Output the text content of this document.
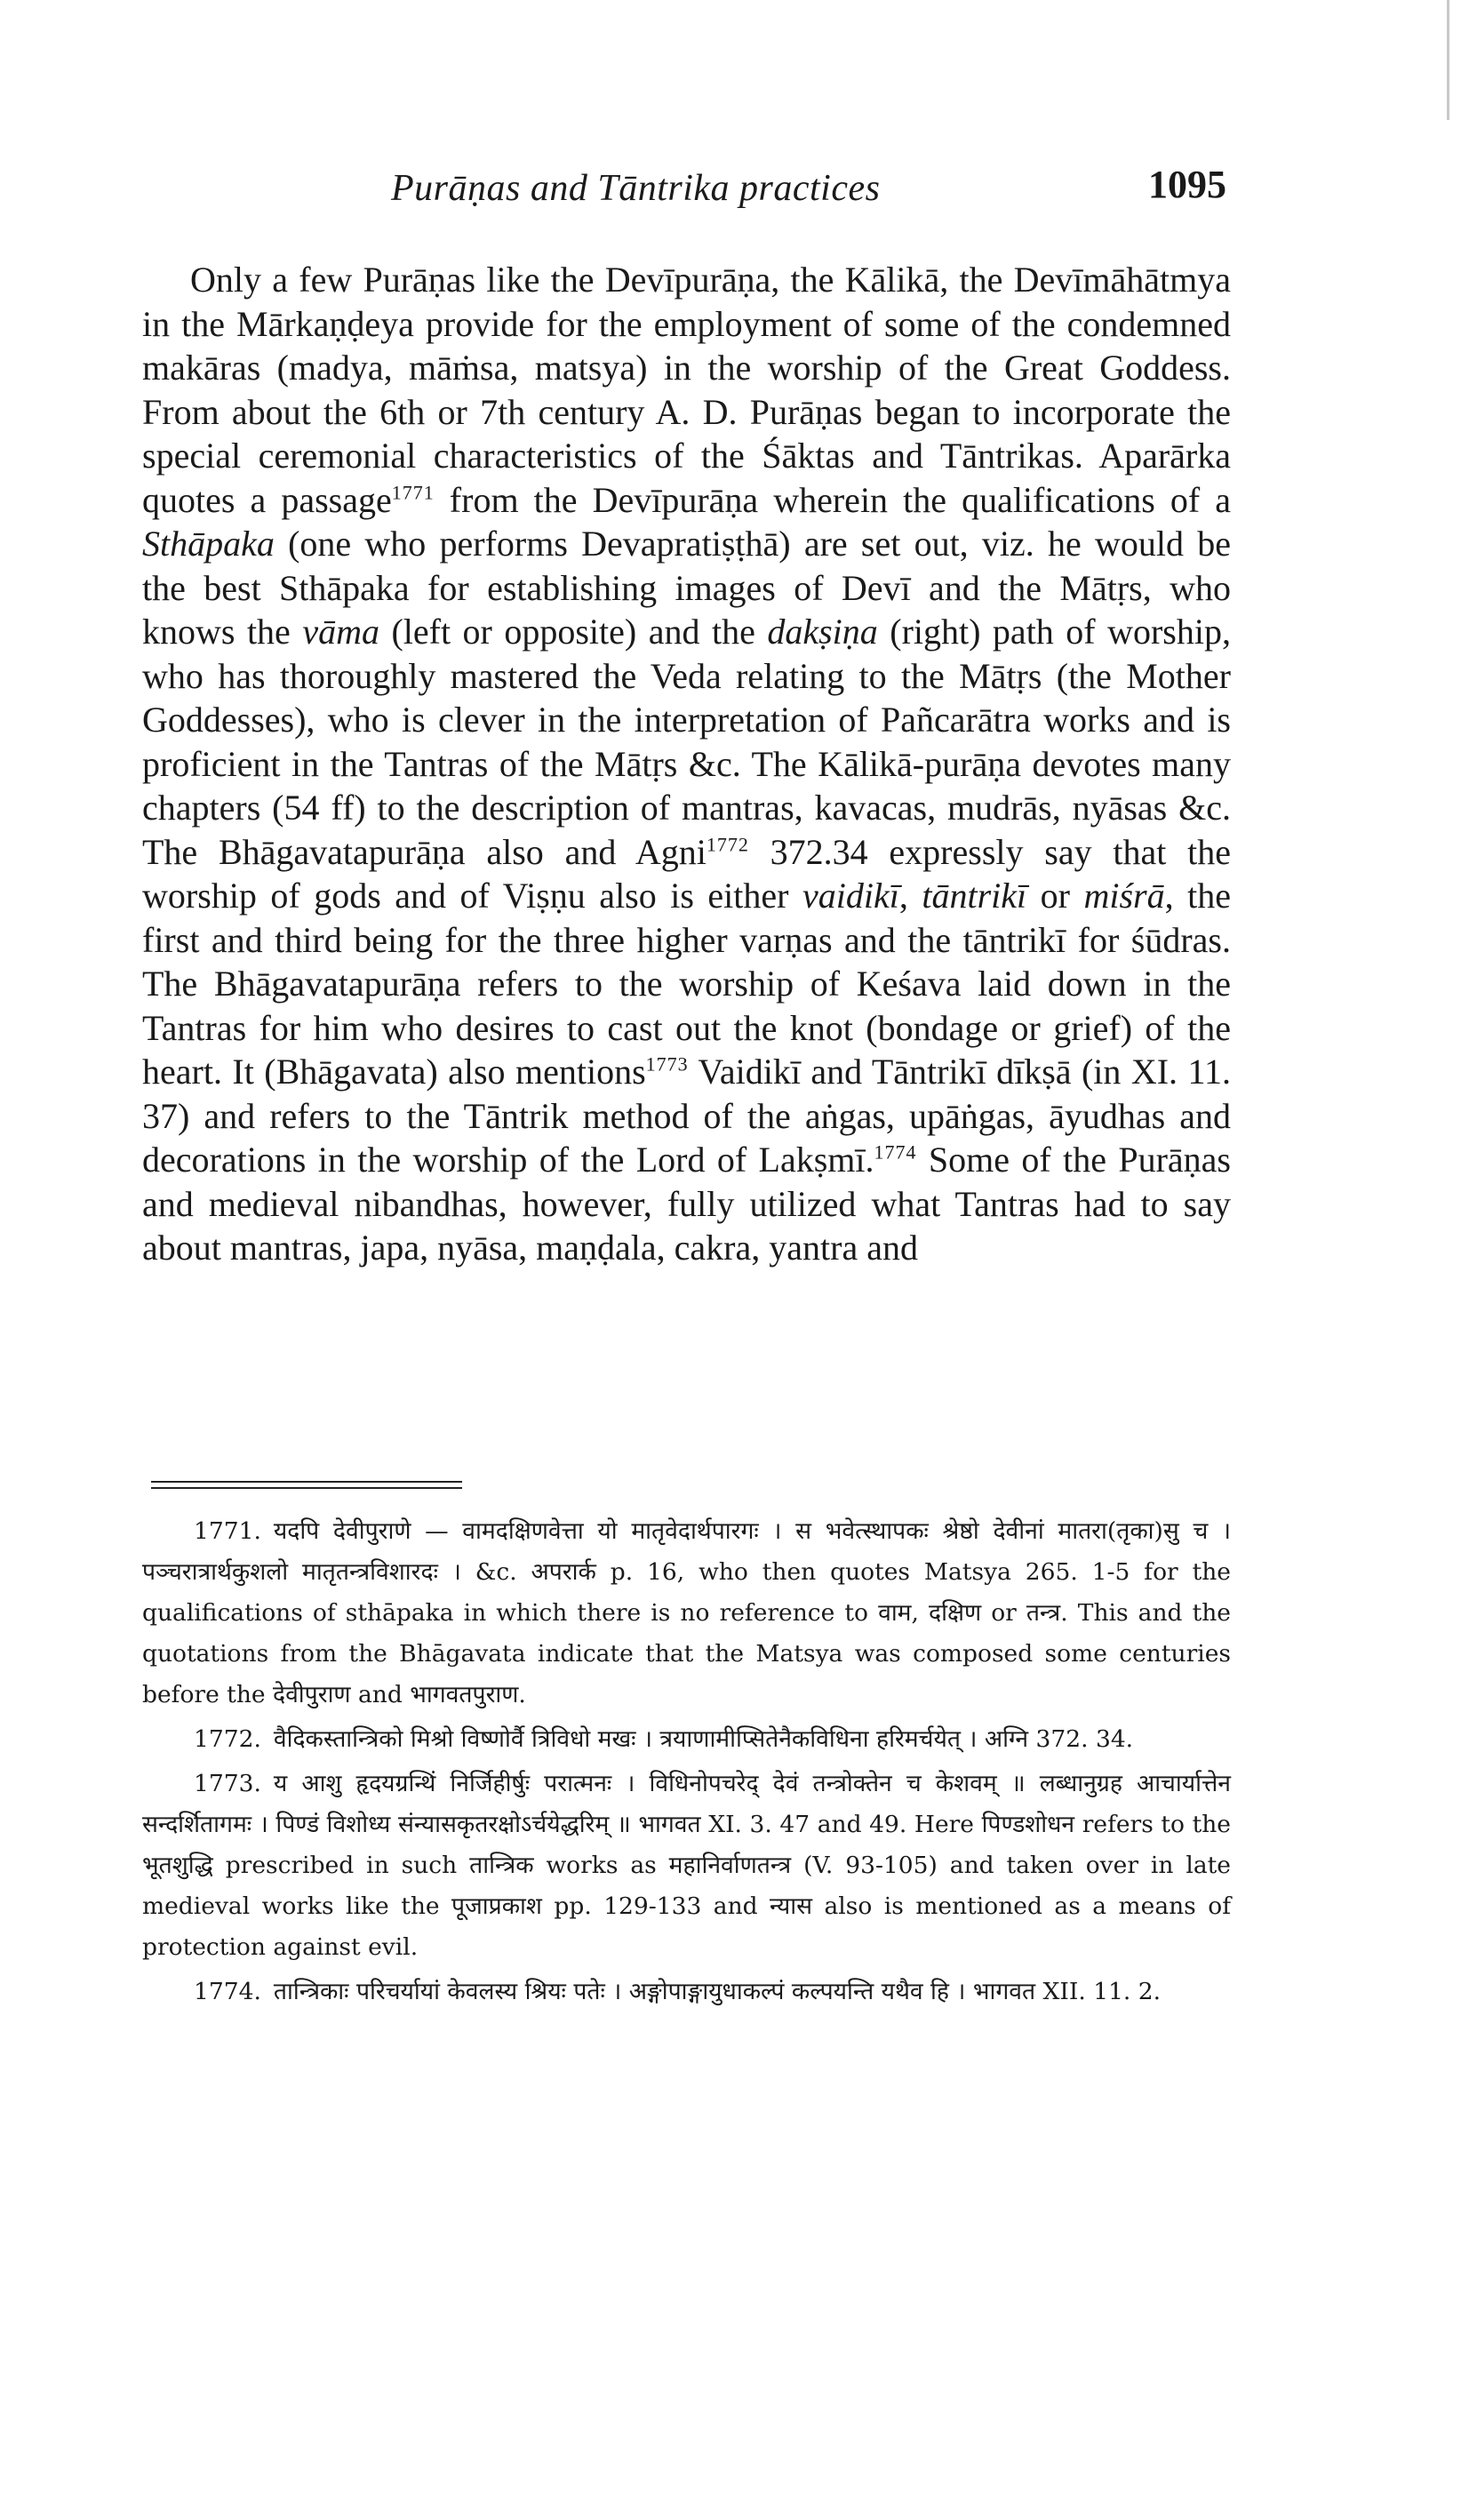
Purāṇas and Tāntrika practices	1095

Only a few Purāṇas like the Devīpurāṇa, the Kālikā, the Devīmāhātmya in the Mārkaṇḍeya provide for the employment of some of the condemned makāras (madya, māṁsa, matsya) in the worship of the Great Goddess. From about the 6th or 7th century A. D. Purāṇas began to incorporate the special ceremonial characteristics of the Śāktas and Tāntrikas. Aparārka quotes a passage$^{1771}$ from the Devīpurāṇa wherein the qualifications of a Sthāpaka (one who performs Devapratiṣṭhā) are set out, viz. he would be the best Sthāpaka for establishing images of Devī and the Mātṛs, who knows the vāma (left or opposite) and the dakṣiṇa (right) path of worship, who has thoroughly mastered the Veda relating to the Mātṛs (the Mother Goddesses), who is clever in the interpretation of Pañcarātra works and is proficient in the Tantras of the Mātṛs &c. The Kālikā-purāṇa devotes many chapters (54 ff) to the description of mantras, kavacas, mudrās, nyāsas &c. The Bhāgavatapurāṇa also and Agni$^{1772}$ 372.34 expressly say that the worship of gods and of Viṣṇu also is either vaidikī, tāntrikī or miśrā, the first and third being for the three higher varṇas and the tāntrikī for śūdras. The Bhāgavatapurāṇa refers to the worship of Keśava laid down in the Tantras for him who desires to cast out the knot (bondage or grief) of the heart. It (Bhāgavata) also mentions$^{1773}$ Vaidikī and Tāntrikī dīkṣā (in XI. 11. 37) and refers to the Tāntrik method of the aṅgas, upāṅgas, āyudhas and decorations in the worship of the Lord of Lakṣmī.$^{1774}$ Some of the Purāṇas and medieval nibandhas, however, fully utilized what Tantras had to say about mantras, japa, nyāsa, maṇḍala, cakra, yantra and

1771. यदपि देवीपुराणे — वामदक्षिणवेत्ता यो मातृवेदार्थपारगः । स भवेत्स्थापकः श्रेष्ठो देवीनां मातरा(तृका)सु च । पञ्चरात्रार्थकुशलो मातृतन्त्रविशारदः । &c. अपरार्क p. 16, who then quotes Matsya 265. 1-5 for the qualifications of sthāpaka in which there is no reference to वाम, दक्षिण or तन्त्र. This and the quotations from the Bhāgavata indicate that the Matsya was composed some centuries before the देवीपुराण and भागवतपुराण.

1772. वैदिकस्तान्त्रिको मिश्रो विष्णोर्वै त्रिविधो मखः । त्रयाणामीप्सितेनैकविधिना हरिमर्चयेत् । अग्नि 372. 34.

1773. य आशु हृदयग्रन्थिं निर्जिहीर्षुः परात्मनः । विधिनोपचरेद् देवं तन्त्रोक्तेन च केशवम् ॥ लब्धानुग्रह आचार्यात्तेन सन्दर्शितागमः । पिण्डं विशोध्य संन्यासकृतरक्षोऽर्चयेद्धरिम् ॥ भागवत XI. 3. 47 and 49. Here पिण्डशोधन refers to the भूतशुद्धि prescribed in such तान्त्रिक works as महानिर्वाणतन्त्र (V. 93-105) and taken over in late medieval works like the पूजाप्रकाश pp. 129-133 and न्यास also is mentioned as a means of protection against evil.

1774. तान्त्रिकाः परिचर्यायां केवलस्य श्रियः पतेः । अङ्गोपाङ्गायुधाकल्पं कल्पयन्ति यथैव हि । भागवत XII. 11. 2.
